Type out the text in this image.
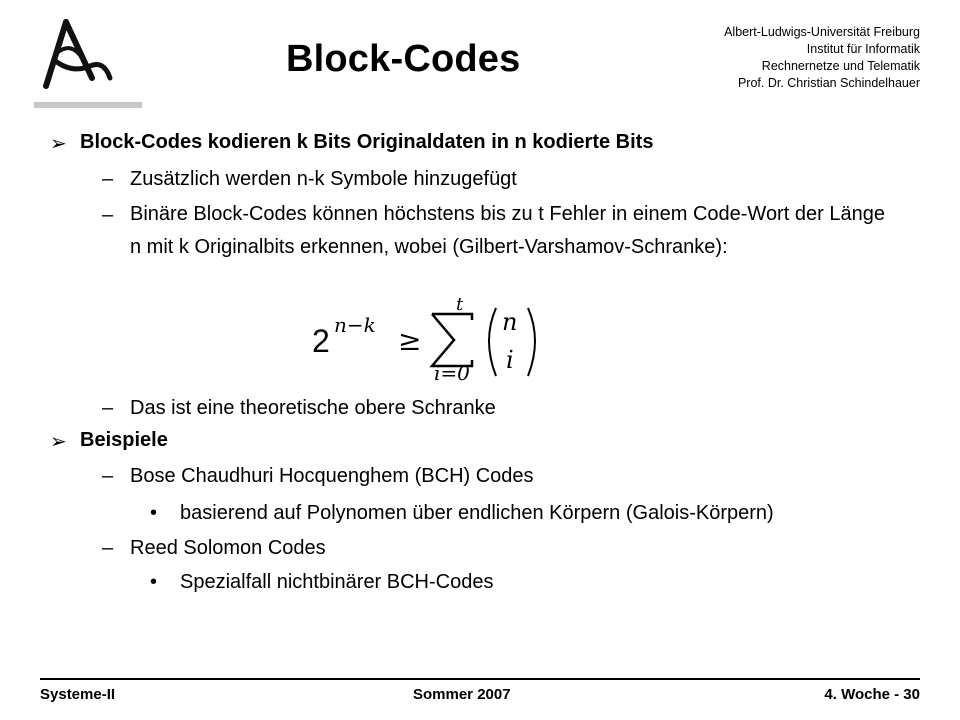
Block-Codes
Albert-Ludwigs-Universität Freiburg
Institut für Informatik
Rechnernetze und Telematik
Prof. Dr. Christian Schindelhauer
➢ Block-Codes kodieren k Bits Originaldaten in n kodierte Bits
– Zusätzlich werden n-k Symbole hinzugefügt
– Binäre Block-Codes können höchstens bis zu t Fehler in einem Code-Wort der Länge n mit k Originalbits erkennen, wobei (Gilbert-Varshamov-Schranke):
2 n−k ≥
t
i=0
n
i
– Das ist eine theoretische obere Schranke
➢ Beispiele
– Bose Chaudhuri Hocquenghem (BCH) Codes
• basierend auf Polynomen über endlichen Körpern (Galois-Körpern)
– Reed Solomon Codes
• Spezialfall nichtbinärer BCH-Codes
Systeme-II	Sommer 2007	4. Woche - 30
